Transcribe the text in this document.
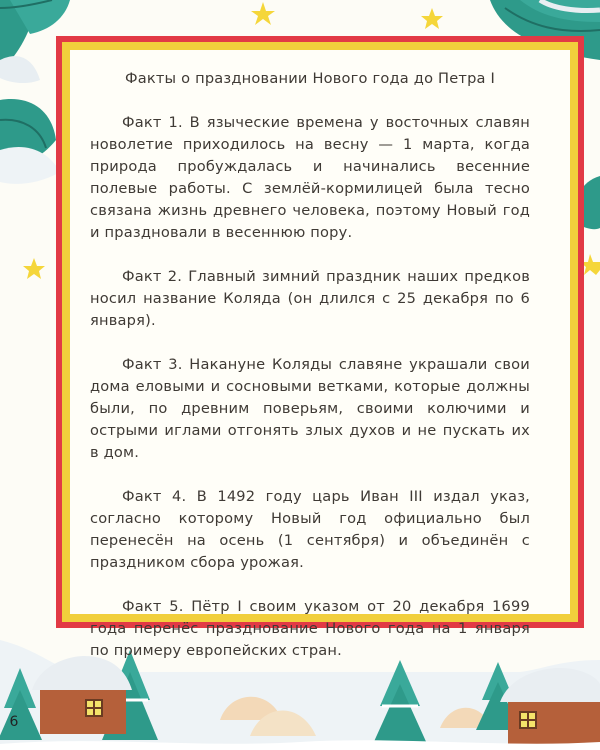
Факты о праздновании Нового года до Петра I

Факт 1. В языческие времена у восточных славян новолетие приходилось на весну — 1 марта, когда природа пробуждалась и начинались весенние полевые работы. С землёй-кормилицей была тесно связана жизнь древнего человека, поэтому Новый год и праздновали в весеннюю пору.

Факт 2. Главный зимний праздник наших предков носил название Коляда (он длился с 25 декабря по 6 января).

Факт 3. Накануне Коляды славяне украшали свои дома еловыми и сосновыми ветками, которые должны были, по древним поверьям, своими колючими и острыми иглами отгонять злых духов и не пускать их в дом.

Факт 4. В 1492 году царь Иван III издал указ, согласно которому Новый год официально был перенесён на осень (1 сентября) и объединён с праздником сбора урожая.

Факт 5. Пётр I своим указом от 20 декабря 1699 года перенёс празднование Нового года на 1 января по примеру европейских стран.

6
